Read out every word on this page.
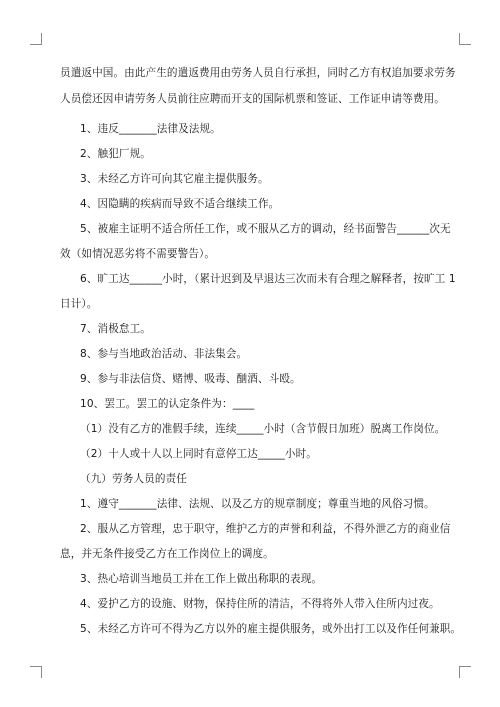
员遣返中国。由此产生的遣返费用由劳务人员自行承担，同时乙方有权追加要求劳务
人员偿还因申请劳务人员前往应聘而开支的国际机票和签证、工作证申请等费用。
1、违反_______法律及法规。
2、触犯厂规。
3、未经乙方许可向其它雇主提供服务。
4、因隐瞒的疾病而导致不适合继续工作。
5、被雇主证明不适合所任工作，或不服从乙方的调动，经书面警告______次无
效（如情况恶劣将不需要警告）。
6、旷工达______小时，（累计迟到及早退达三次而未有合理之解释者，按旷工 1
日计）。
7、消极怠工。
8、参与当地政治活动、非法集会。
9、参与非法信贷、赌博、吸毒、酗酒、斗殴。
10、罢工。罢工的认定条件为：____
（1）没有乙方的准假手续，连续_____小时（含节假日加班）脱离工作岗位。
（2）十人或十人以上同时有意停工达_____小时。
（九）劳务人员的责任
1、遵守_______法律、法规、以及乙方的规章制度；尊重当地的风俗习惯。
2、服从乙方管理，忠于职守，维护乙方的声誉和利益，不得外泄乙方的商业信
息，并无条件接受乙方在工作岗位上的调度。
3、热心培训当地员工并在工作上做出称职的表现。
4、爱护乙方的设施、财物，保持住所的清洁，不得将外人带入住所内过夜。
5、未经乙方许可不得为乙方以外的雇主提供服务，或外出打工以及作任何兼职。
